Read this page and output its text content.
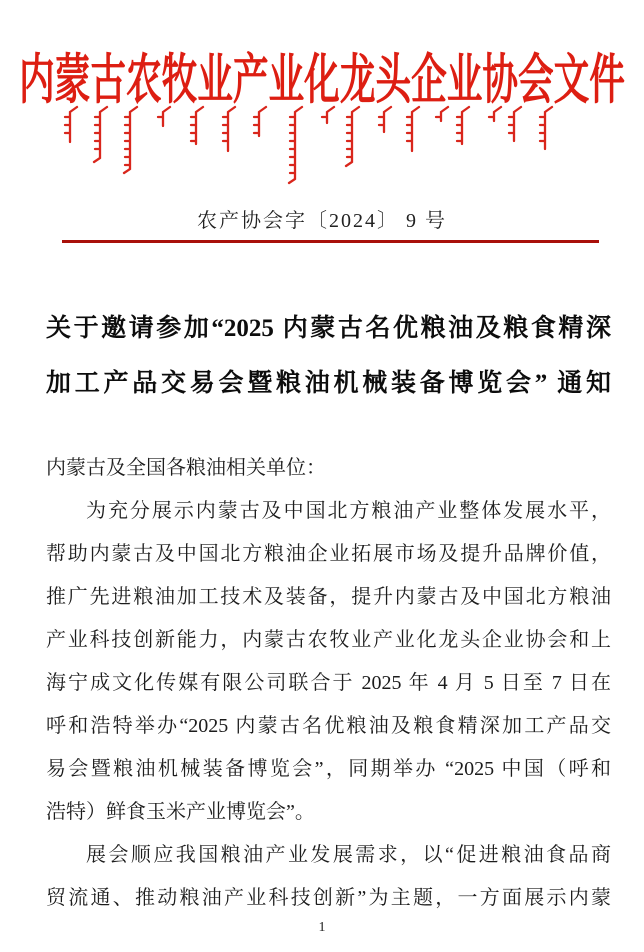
内蒙古农牧业产业化龙头企业协会文件
农产协会字〔2024〕 9 号
关于邀请参加“2025 内蒙古名优粮油及粮食精深
加工产品交易会暨粮油机械装备博览会” 通知
内蒙古及全国各粮油相关单位：
为充分展示内蒙古及中国北方粮油产业整体发展水平，
帮助内蒙古及中国北方粮油企业拓展市场及提升品牌价值，
推广先进粮油加工技术及装备，提升内蒙古及中国北方粮油
产业科技创新能力，内蒙古农牧业产业化龙头企业协会和上
海宁成文化传媒有限公司联合于 2025 年 4 月 5 日至 7 日在
呼和浩特举办“2025 内蒙古名优粮油及粮食精深加工产品交
易会暨粮油机械装备博览会”，同期举办 “2025 中国（呼和
浩特）鲜食玉米产业博览会”。
展会顺应我国粮油产业发展需求，以“促进粮油食品商
贸流通、推动粮油产业科技创新”为主题，一方面展示内蒙
1
